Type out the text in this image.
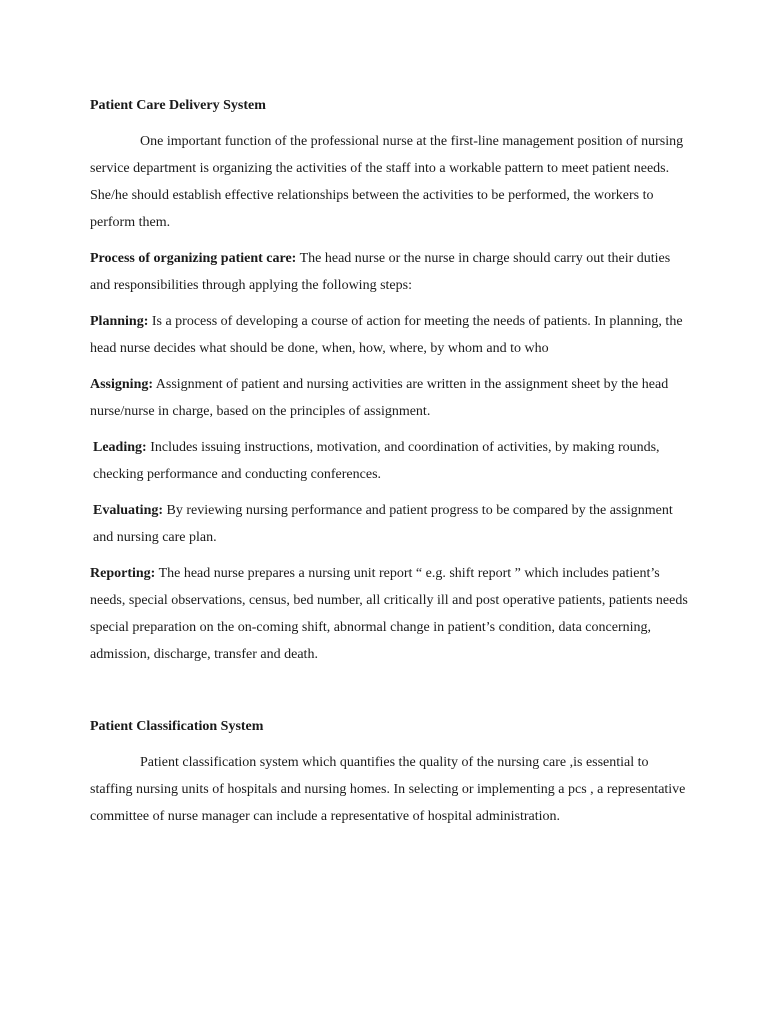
Patient Care Delivery System

One important function of the professional nurse at the first-line management position of nursing service department is organizing the activities of the staff into a workable pattern to meet patient needs. She/he should establish effective relationships between the activities to be performed, the workers to perform them.

Process of organizing patient care: The head nurse or the nurse in charge should carry out their duties and responsibilities through applying the following steps:

Planning: Is a process of developing a course of action for meeting the needs of patients. In planning, the head nurse decides what should be done, when, how, where, by whom and to who

Assigning: Assignment of patient and nursing activities are written in the assignment sheet by the head nurse/nurse in charge, based on the principles of assignment.

Leading: Includes issuing instructions, motivation, and coordination of activities, by making rounds, checking performance and conducting conferences.

Evaluating: By reviewing nursing performance and patient progress to be compared by the assignment and nursing care plan.

Reporting: The head nurse prepares a nursing unit report “ e.g. shift report ” which includes patient’s needs, special observations, census, bed number, all critically ill and post operative patients, patients needs special preparation on the on-coming shift, abnormal change in patient’s condition, data concerning, admission, discharge, transfer and death.

Patient Classification System

Patient classification system which quantifies the quality of the nursing care ,is essential to staffing nursing units of hospitals and nursing homes. In selecting or implementing a pcs , a representative committee of nurse manager can include a representative of hospital administration.
